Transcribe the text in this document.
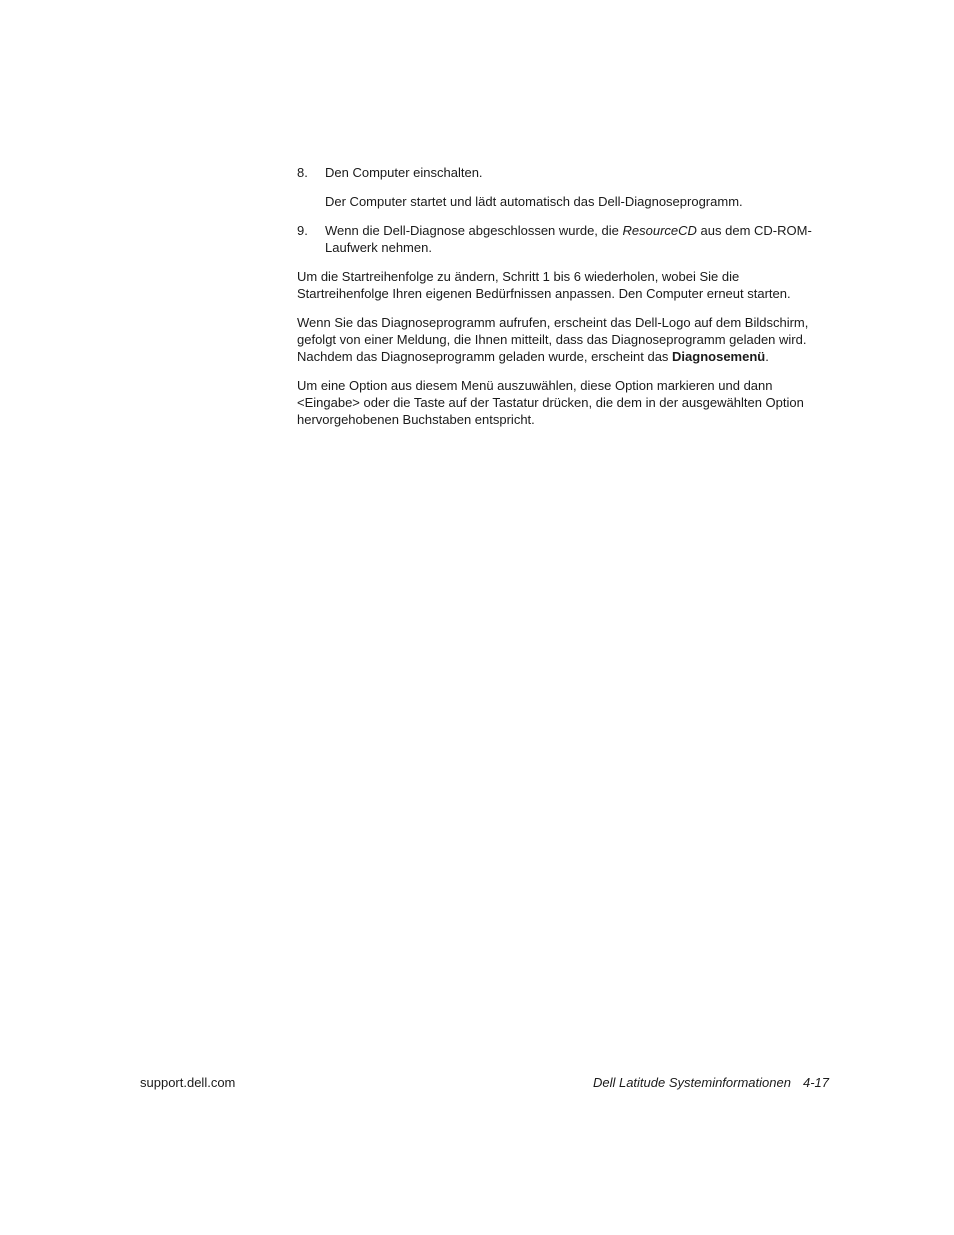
8. Den Computer einschalten.

Der Computer startet und lädt automatisch das Dell-Diagnoseprogramm.

9. Wenn die Dell-Diagnose abgeschlossen wurde, die ResourceCD aus dem CD-ROM-Laufwerk nehmen.

Um die Startreihenfolge zu ändern, Schritt 1 bis 6 wiederholen, wobei Sie die Startreihenfolge Ihren eigenen Bedürfnissen anpassen. Den Computer erneut starten.

Wenn Sie das Diagnoseprogramm aufrufen, erscheint das Dell-Logo auf dem Bildschirm, gefolgt von einer Meldung, die Ihnen mitteilt, dass das Diagnoseprogramm geladen wird. Nachdem das Diagnoseprogramm geladen wurde, erscheint das Diagnosemenü.

Um eine Option aus diesem Menü auszuwählen, diese Option markieren und dann <Eingabe> oder die Taste auf der Tastatur drücken, die dem in der ausgewählten Option hervorgehobenen Buchstaben entspricht.

support.dell.com	Dell Latitude Systeminformationen 4-17
